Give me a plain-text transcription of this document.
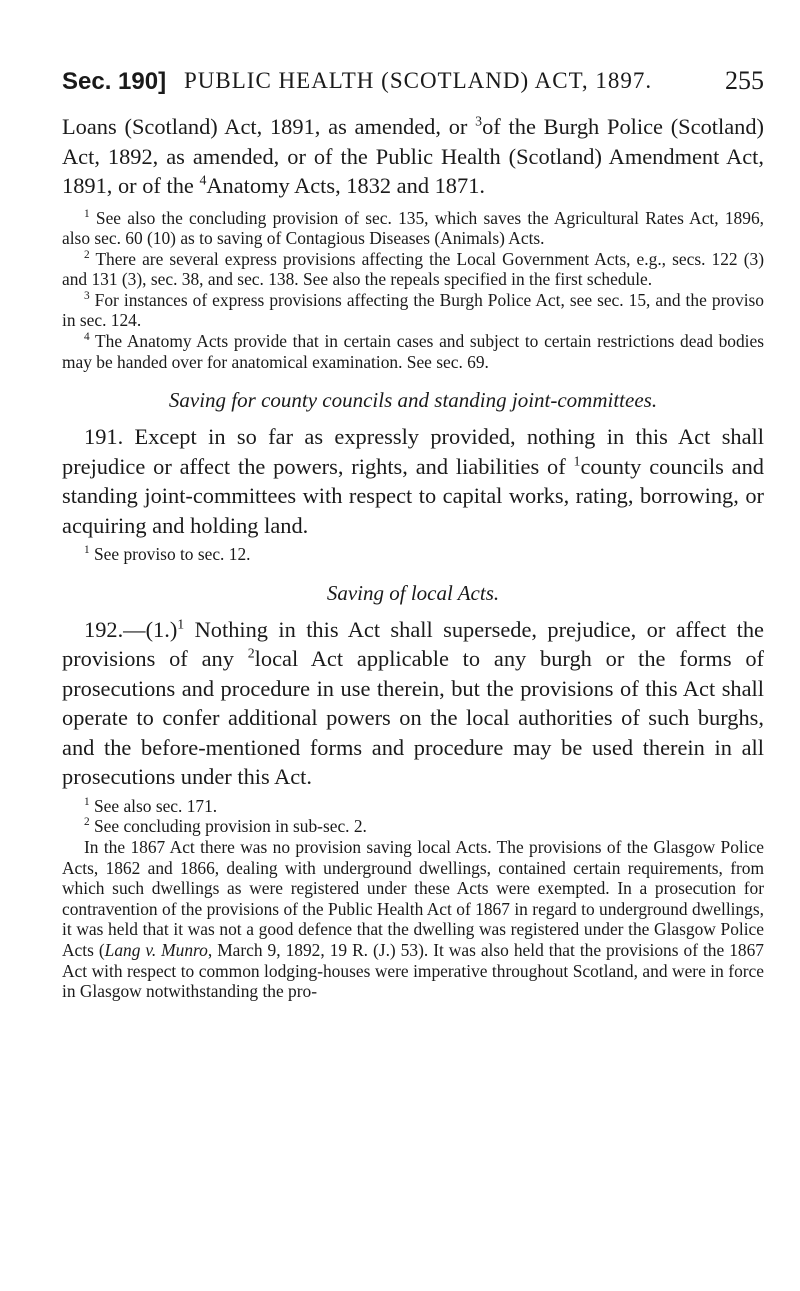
Sec. 190] PUBLIC HEALTH (SCOTLAND) ACT, 1897.	255

Loans (Scotland) Act, 1891, as amended, or $^3$of the Burgh Police (Scotland) Act, 1892, as amended, or of the Public Health (Scotland) Amendment Act, 1891, or of the $^4$Anatomy Acts, 1832 and 1871.

$^1$ See also the concluding provision of sec. 135, which saves the Agricultural Rates Act, 1896, also sec. 60 (10) as to saving of Contagious Diseases (Animals) Acts.

$^2$ There are several express provisions affecting the Local Government Acts, e.g., secs. 122 (3) and 131 (3), sec. 38, and sec. 138. See also the repeals specified in the first schedule.

$^3$ For instances of express provisions affecting the Burgh Police Act, see sec. 15, and the proviso in sec. 124.

$^4$ The Anatomy Acts provide that in certain cases and subject to certain restrictions dead bodies may be handed over for anatomical examination. See sec. 69.

Saving for county councils and standing joint-committees.

191. Except in so far as expressly provided, nothing in this Act shall prejudice or affect the powers, rights, and liabilities of $^1$county councils and standing joint-committees with respect to capital works, rating, borrowing, or acquiring and holding land.

$^1$ See proviso to sec. 12.

Saving of local Acts.

$192.—(1.)^1$ Nothing in this Act shall supersede, prejudice, or affect the provisions of any $^2$local Act applicable to any burgh or the forms of prosecutions and procedure in use therein, but the provisions of this Act shall operate to confer additional powers on the local authorities of such burghs, and the before-mentioned forms and procedure may be used therein in all prosecutions under this Act.

$^1$ See also sec. 171.

$^2$ See concluding provision in sub-sec. 2.

In the 1867 Act there was no provision saving local Acts. The provisions of the Glasgow Police Acts, 1862 and 1866, dealing with underground dwellings, contained certain requirements, from which such dwellings as were registered under these Acts were exempted. In a prosecution for contravention of the provisions of the Public Health Act of 1867 in regard to underground dwellings, it was held that it was not a good defence that the dwelling was registered under the Glasgow Police Acts (Lang v. Munro, March 9, 1892, 19 R. (J.) 53). It was also held that the provisions of the 1867 Act with respect to common lodging-houses were imperative throughout Scotland, and were in force in Glasgow notwithstanding the pro-
